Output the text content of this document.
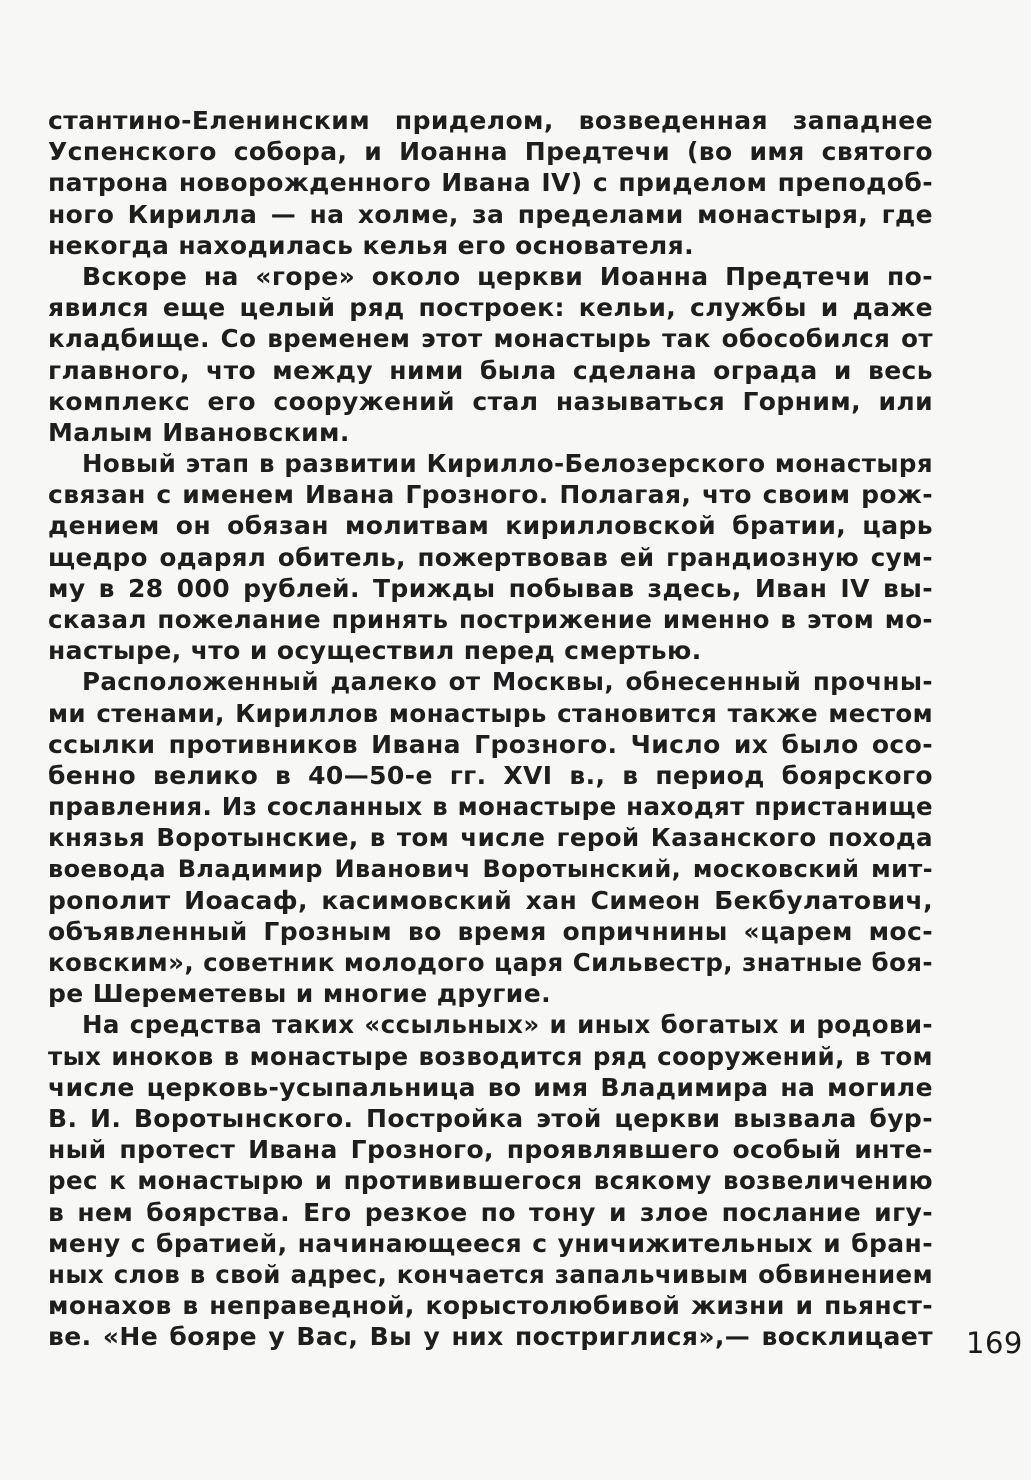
стантино-Еленинским приделом, возведенная западнее
Успенского собора, и Иоанна Предтечи (во имя святого
патрона новорожденного Ивана IV) с приделом преподоб-
ного Кирилла — на холме, за пределами монастыря, где
некогда находилась келья его основателя.
Вскоре на «горе» около церкви Иоанна Предтечи по-
явился еще целый ряд построек: кельи, службы и даже
кладбище. Со временем этот монастырь так обособился от
главного, что между ними была сделана ограда и весь
комплекс его сооружений стал называться Горним, или
Малым Ивановским.
Новый этап в развитии Кирилло-Белозерского монастыря
связан с именем Ивана Грозного. Полагая, что своим рож-
дением он обязан молитвам кирилловской братии, царь
щедро одарял обитель, пожертвовав ей грандиозную сум-
му в 28 000 рублей. Трижды побывав здесь, Иван IV вы-
сказал пожелание принять пострижение именно в этом мо-
настыре, что и осуществил перед смертью.
Расположенный далеко от Москвы, обнесенный прочны-
ми стенами, Кириллов монастырь становится также местом
ссылки противников Ивана Грозного. Число их было осо-
бенно велико в 40—50-е гг. XVI в., в период боярского
правления. Из сосланных в монастыре находят пристанище
князья Воротынские, в том числе герой Казанского похода
воевода Владимир Иванович Воротынский, московский мит-
рополит Иоасаф, касимовский хан Симеон Бекбулатович,
объявленный Грозным во время опричнины «царем мос-
ковским», советник молодого царя Сильвестр, знатные боя-
ре Шереметевы и многие другие.
На средства таких «ссыльных» и иных богатых и родови-
тых иноков в монастыре возводится ряд сооружений, в том
числе церковь-усыпальница во имя Владимира на могиле
В. И. Воротынского. Постройка этой церкви вызвала бур-
ный протест Ивана Грозного, проявлявшего особый инте-
рес к монастырю и противившегося всякому возвеличению
в нем боярства. Его резкое по тону и злое послание игу-
мену с братией, начинающееся с уничижительных и бран-
ных слов в свой адрес, кончается запальчивым обвинением
монахов в неправедной, корыстолюбивой жизни и пьянст-
ве. «Не бояре у Вас, Вы у них постриглися»,— восклицает 169
